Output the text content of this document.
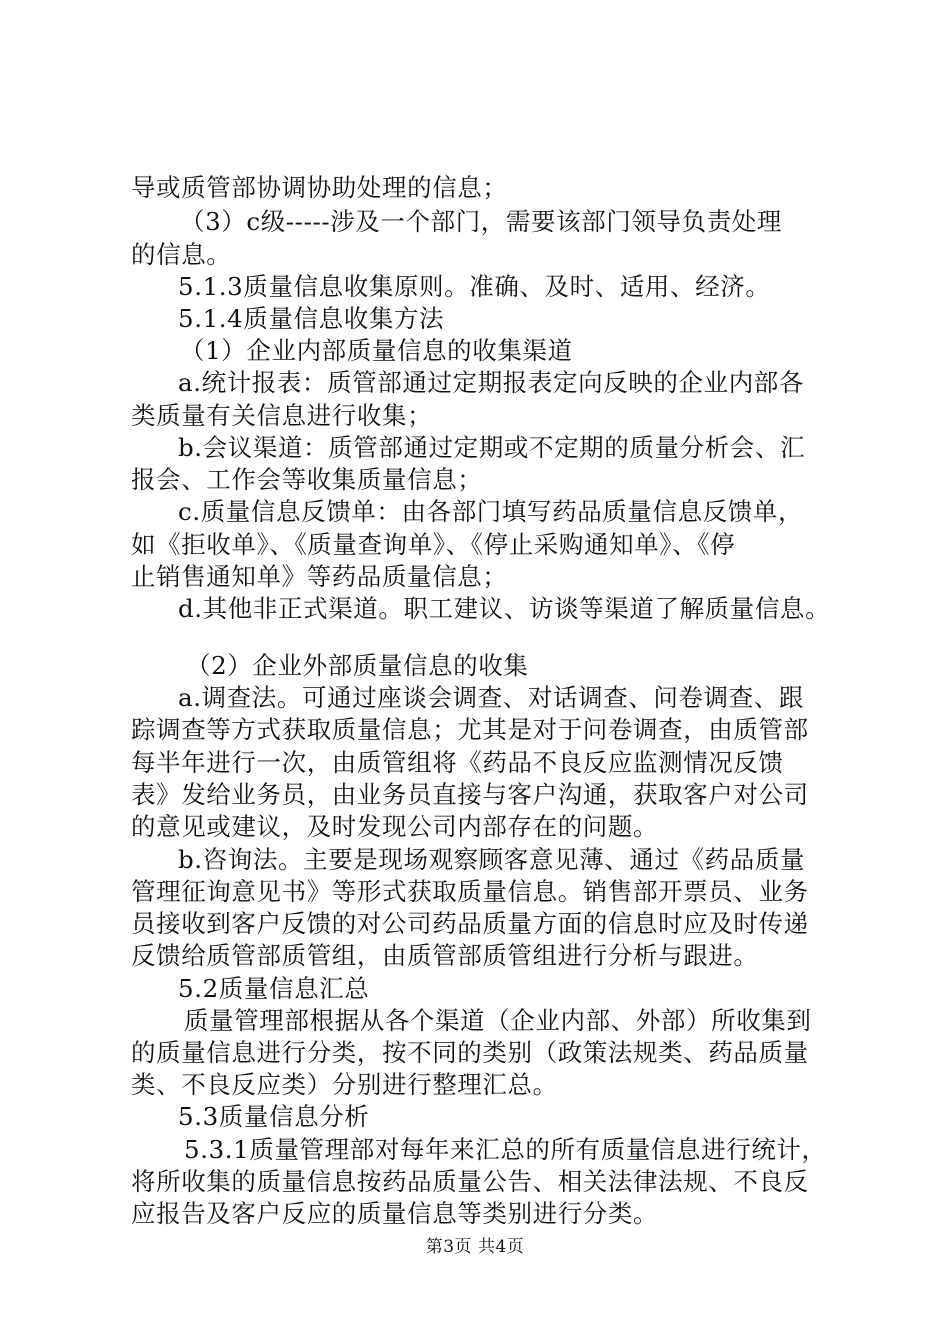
导或质管部协调协助处理的信息；
（3）c级-----涉及一个部门，需要该部门领导负责处理
的信息。
5.1.3质量信息收集原则。准确、及时、适用、经济。
5.1.4质量信息收集方法
（1）企业内部质量信息的收集渠道
a.统计报表：质管部通过定期报表定向反映的企业内部各
类质量有关信息进行收集；
b.会议渠道：质管部通过定期或不定期的质量分析会、汇
报会、工作会等收集质量信息；
c.质量信息反馈单：由各部门填写药品质量信息反馈单，
如《拒收单》、《质量查询单》、《停止采购通知单》、《停
止销售通知单》等药品质量信息；
d.其他非正式渠道。职工建议、访谈等渠道了解质量信息。
（2）企业外部质量信息的收集
a.调查法。可通过座谈会调查、对话调查、问卷调查、跟
踪调查等方式获取质量信息；尤其是对于问卷调查，由质管部
每半年进行一次，由质管组将《药品不良反应监测情况反馈
表》发给业务员，由业务员直接与客户沟通，获取客户对公司
的意见或建议，及时发现公司内部存在的问题。
b.咨询法。主要是现场观察顾客意见薄、通过《药品质量
管理征询意见书》等形式获取质量信息。销售部开票员、业务
员接收到客户反馈的对公司药品质量方面的信息时应及时传递
反馈给质管部质管组，由质管部质管组进行分析与跟进。
5.2质量信息汇总
质量管理部根据从各个渠道（企业内部、外部）所收集到
的质量信息进行分类，按不同的类别（政策法规类、药品质量
类、不良反应类）分别进行整理汇总。
5.3质量信息分析
5.3.1质量管理部对每年来汇总的所有质量信息进行统计，
将所收集的质量信息按药品质量公告、相关法律法规、不良反
应报告及客户反应的质量信息等类别进行分类。
第3页 共4页
